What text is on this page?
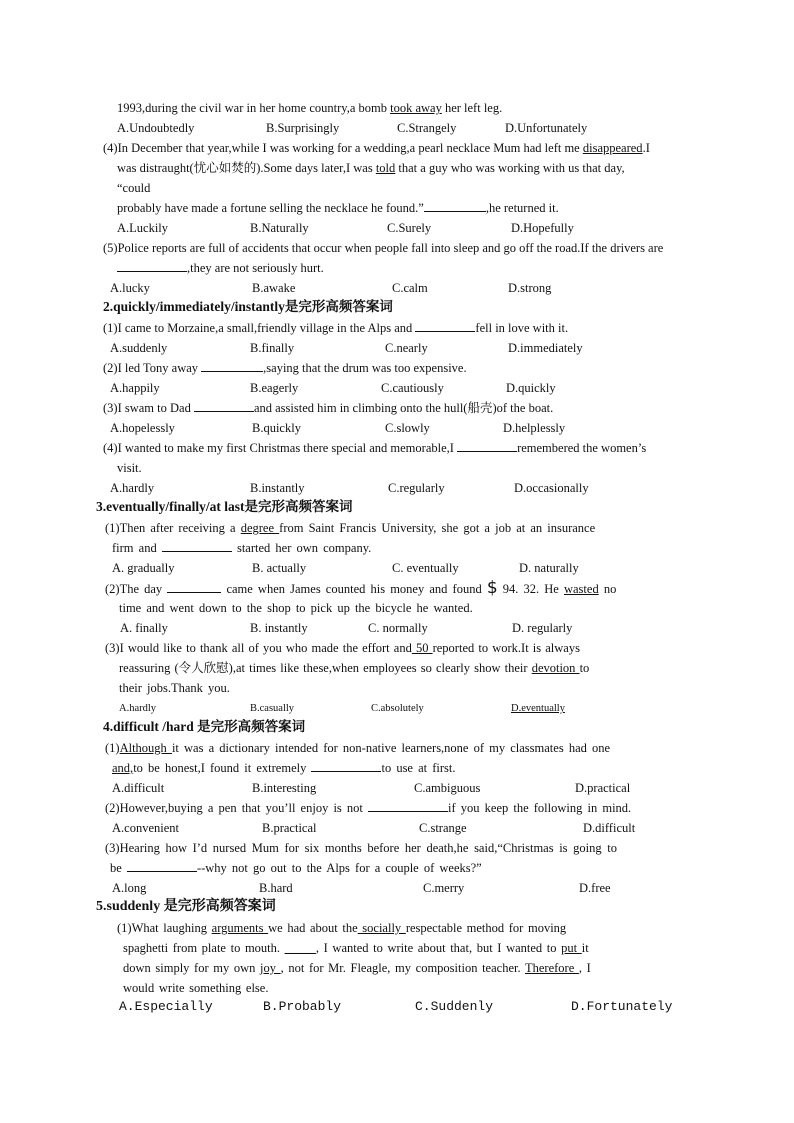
1993,during the civil war in her home country,a bomb took away her left leg.
A.Undoubtedly	B.Surprisingly	C.Strangely	D.Unfortunately
(4)In December that year,while I was working for a wedding,a pearl necklace Mum had left me disappeared.I
was distraught(忧心如焚的).Some days later,I was told that a guy who was working with us that day,
“could
probably have made a fortune selling the necklace he found.”	,he returned it.
A.Luckily	B.Naturally	C.Surely	D.Hopefully
(5)Police reports are full of accidents that occur when people fall into sleep and go off the road.If the drivers are
,they are not seriously hurt.
A.lucky	B.awake	C.calm	D.strong
2.quickly/immediately/instantly是完形高频答案词
(1)I came to Morzaine,a small,friendly village in the Alps and	fell in love with it.
A.suddenly	B.finally	C.nearly	D.immediately
(2)I led Tony away	,saying that the drum was too expensive.
A.happily	B.eagerly	C.cautiously	D.quickly
(3)I swam to Dad	and assisted him in climbing onto the hull(船壳)of the boat.
A.hopelessly	B.quickly	C.slowly	D.helplessly
(4)I wanted to make my first Christmas there special and memorable,I	remembered the women’s
visit.
A.hardly	B.instantly	C.regularly	D.occasionally
3.eventually/finally/at last是完形高频答案词
(1)Then after receiving a degree from Saint Francis University, she got a job at an insurance
firm and	started her own company.
A. gradually	B. actually	C. eventually	D. naturally
(2)The day	came when James counted his money and found $ 94. 32. He wasted no
time and went down to the shop to pick up the bicycle he wanted.
A. finally	B. instantly	C. normally	D. regularly
(3)I would like to thank all of you who made the effort and 50 reported to work.It is always
reassuring (令人欣慰),at times like these,when employees so clearly show their devotion to
their jobs.Thank you.
A.hardly	B.casually	C.absolutely	D.eventually
4.difficult /hard 是完形高频答案词
(1)Although it was a dictionary intended for non-native learners,none of my classmates had one
and,to be honest,I found it extremely	to use at first.
A.difficult	B.interesting	C.ambiguous	D.practical
(2)However,buying a pen that you’ll enjoy is not	if you keep the following in mind.
A.convenient	B.practical	C.strange	D.difficult
(3)Hearing how I’d nursed Mum for six months before her death,he said,“Christmas is going to
be	--why not go out to the Alps for a couple of weeks?”
A.long	B.hard	C.merry	D.free
5.suddenly 是完形高频答案词
(1)What laughing arguments we had about the socially respectable method for moving
spaghetti from plate to mouth. _____, I wanted to write about that, but I wanted to put it
down simply for my own joy , not for Mr. Fleagle, my composition teacher. Therefore , I
would write something else.
A.Especially	B.Probably	C.Suddenly	D.Fortunately
